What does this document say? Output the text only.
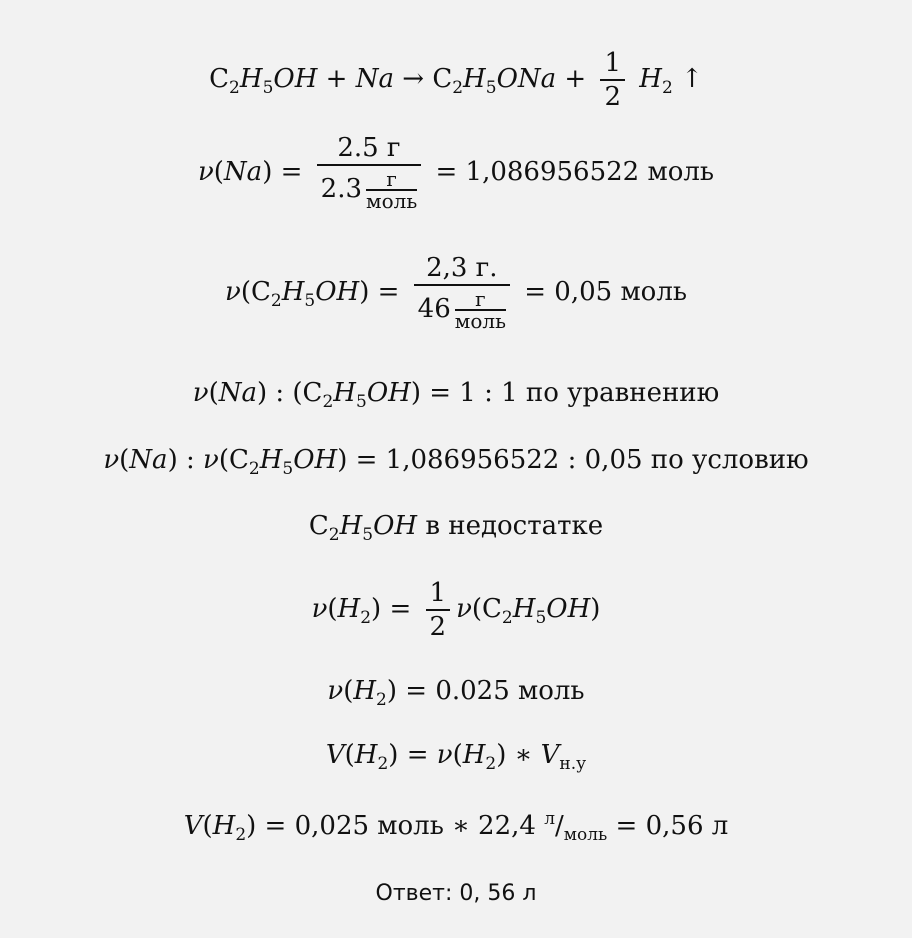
$C_2H_5OH + Na \to C_2H_5ONa + \frac{1}{2} H_2$ ↑
ν(Na) = 2.5 г
2.3	г
моль = 1,086956522 моль
$\nu(C_2H_5OH) = 2,3$ г.
46	г
моль = 0,05 моль
ν(Na) : $(C_2H_5OH) = 1$ : 1 по уравнению
ν(Na) : $\nu(C_2H_5OH) = 1,086956522$ : 0,05 по условию
$C_2H_5OH$ в недостатке
$\nu(H_2) = \frac{1}{2} \nu(C_2H_5OH)$
$\nu(H_2) = 0.025$ моль
$V(H_2) = \nu(H_2)$ ∗ $V_{н.у}$
$V(H_2) = 0,025$ моль ∗ 22,4 $^л/_{моль} = 0,56$ л
Ответ: 0, 56 л
